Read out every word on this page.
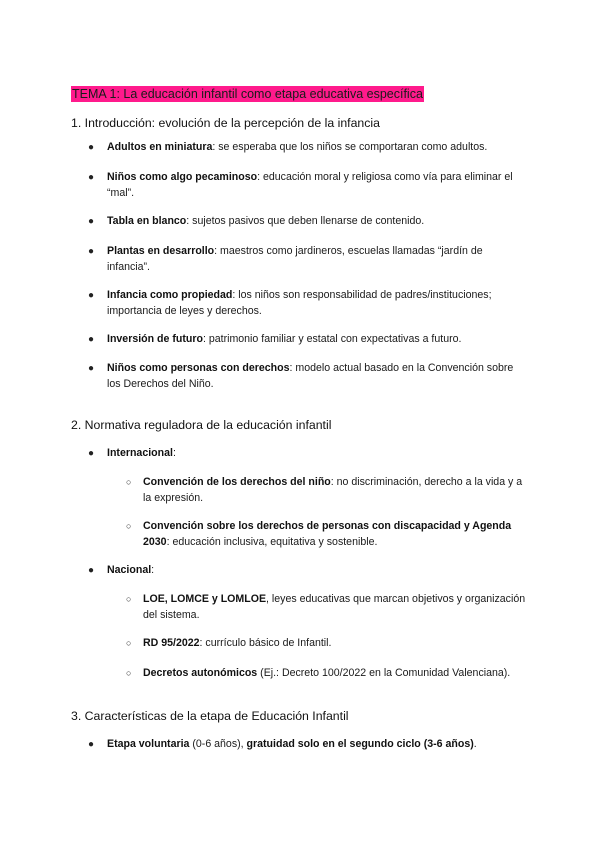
TEMA 1: La educación infantil como etapa educativa específica
1. Introducción: evolución de la percepción de la infancia
● Adultos en miniatura: se esperaba que los niños se comportaran como adultos.
● Niños como algo pecaminoso: educación moral y religiosa como vía para eliminar el “mal”.
● Tabla en blanco: sujetos pasivos que deben llenarse de contenido.
● Plantas en desarrollo: maestros como jardineros, escuelas llamadas “jardín de infancia”.
● Infancia como propiedad: los niños son responsabilidad de padres/instituciones; importancia de leyes y derechos.
● Inversión de futuro: patrimonio familiar y estatal con expectativas a futuro.
● Niños como personas con derechos: modelo actual basado en la Convención sobre los Derechos del Niño.
2. Normativa reguladora de la educación infantil
● Internacional:
○ Convención de los derechos del niño: no discriminación, derecho a la vida y a la expresión.
○ Convención sobre los derechos de personas con discapacidad y Agenda 2030: educación inclusiva, equitativa y sostenible.
● Nacional:
○ LOE, LOMCE y LOMLOE, leyes educativas que marcan objetivos y organización del sistema.
○ RD 95/2022: currículo básico de Infantil.
○ Decretos autonómicos (Ej.: Decreto 100/2022 en la Comunidad Valenciana).
3. Características de la etapa de Educación Infantil
● Etapa voluntaria (0-6 años), gratuidad solo en el segundo ciclo (3-6 años).
